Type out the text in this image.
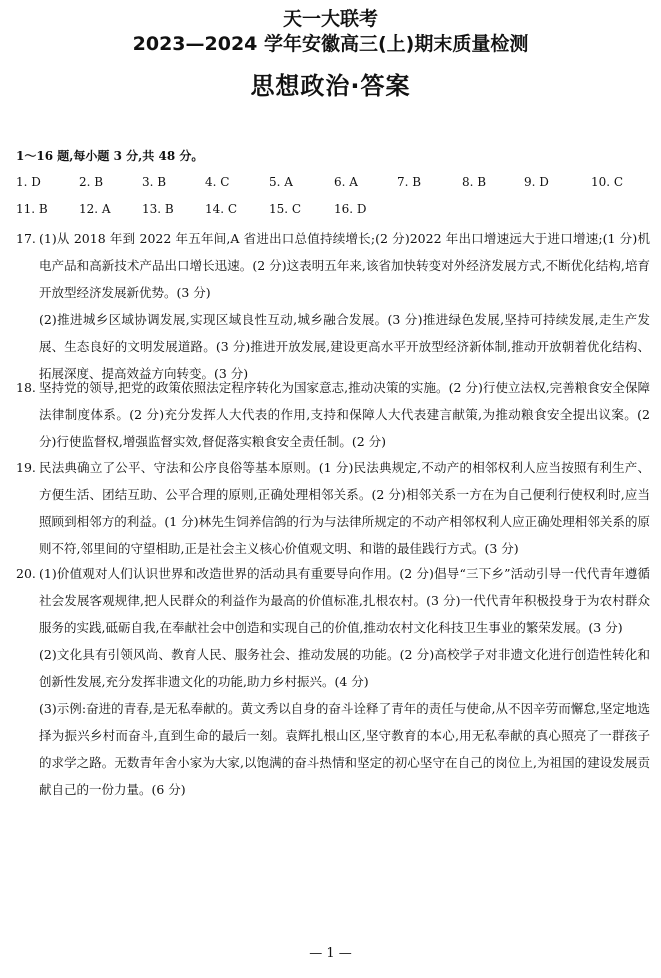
天一大联考
2023—2024 学年安徽高三(上)期末质量检测
思想政治·答案
1～16 题,每小题 3 分,共 48 分。
1. D	2. B	3. B	4. C	5. A	6. A	7. B	8. B	9. D	10. C
11. B	12. A	13. B	14. C	15. C	16. D
17. (1)从 2018 年到 2022 年五年间,A 省进出口总值持续增长;(2 分)2022 年出口增速远大于进口增速;(1 分)机电产品和高新技术产品出口增长迅速。(2 分)这表明五年来,该省加快转变对外经济发展方式,不断优化结构,培育开放型经济发展新优势。(3 分)

(2)推进城乡区域协调发展,实现区域良性互动,城乡融合发展。(3 分)推进绿色发展,坚持可持续发展,走生产发展、生态良好的文明发展道路。(3 分)推进开放发展,建设更高水平开放型经济新体制,推动开放朝着优化结构、拓展深度、提高效益方向转变。(3 分)

18. 坚持党的领导,把党的政策依照法定程序转化为国家意志,推动决策的实施。(2 分)行使立法权,完善粮食安全保障法律制度体系。(2 分)充分发挥人大代表的作用,支持和保障人大代表建言献策,为推动粮食安全提出议案。(2 分)行使监督权,增强监督实效,督促落实粮食安全责任制。(2 分)

19. 民法典确立了公平、守法和公序良俗等基本原则。(1 分)民法典规定,不动产的相邻权利人应当按照有利生产、方便生活、团结互助、公平合理的原则,正确处理相邻关系。(2 分)相邻关系一方在为自己便利行使权利时,应当照顾到相邻方的利益。(1 分)林先生饲养信鸽的行为与法律所规定的不动产相邻权利人应正确处理相邻关系的原则不符,邻里间的守望相助,正是社会主义核心价值观文明、和谐的最佳践行方式。(3 分)

20. (1)价值观对人们认识世界和改造世界的活动具有重要导向作用。(2 分)倡导“三下乡”活动引导一代代青年遵循社会发展客观规律,把人民群众的利益作为最高的价值标准,扎根农村。(3 分)一代代青年积极投身于为农村群众服务的实践,砥砺自我,在奉献社会中创造和实现自己的价值,推动农村文化科技卫生事业的繁荣发展。(3 分)

(2)文化具有引领风尚、教育人民、服务社会、推动发展的功能。(2 分)高校学子对非遗文化进行创造性转化和创新性发展,充分发挥非遗文化的功能,助力乡村振兴。(4 分)

(3)示例:奋进的青春,是无私奉献的。黄文秀以自身的奋斗诠释了青年的责任与使命,从不因辛劳而懈怠,坚定地选择为振兴乡村而奋斗,直到生命的最后一刻。袁辉扎根山区,坚守教育的本心,用无私奉献的真心照亮了一群孩子的求学之路。无数青年舍小家为大家,以饱满的奋斗热情和坚定的初心坚守在自己的岗位上,为祖国的建设发展贡献自己的一份力量。(6 分)

— 1 —
